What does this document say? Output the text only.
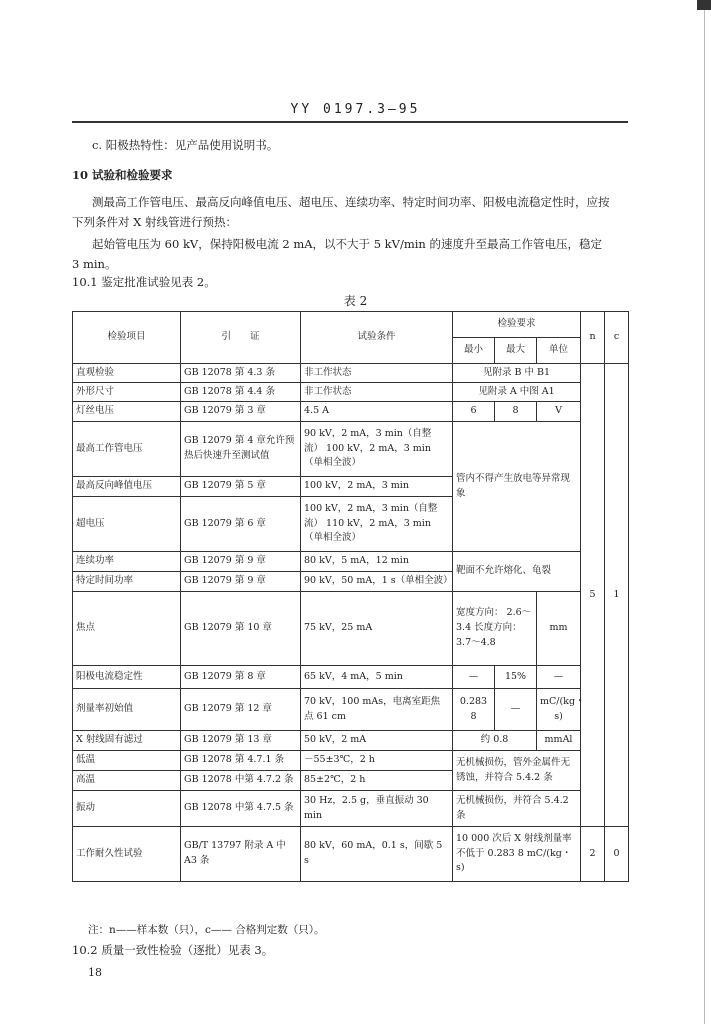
YY 0197.3—95
c. 阳极热特性：见产品使用说明书。
10 试验和检验要求
测最高工作管电压、最高反向峰值电压、超电压、连续功率、特定时间功率、阳极电流稳定性时，应按
下列条件对 X 射线管进行预热：
起始管电压为 60 kV，保持阳极电流 2 mA，以不大于 5 kV/min 的速度升至最高工作管电压，稳定
3 min。
10.1 鉴定批准试验见表 2。
表 2
检验项目	引　　证	试验条件	检验要求			n	c
			最小	最大	单位		
直观检验	GB 12078 第 4.3 条	非工作状态	见附录 B 中 B1			5	1
外形尺寸	GB 12078 第 4.4 条	非工作状态	见附录 A 中图 A1				
灯丝电压	GB 12079 第 3 章	4.5 A	6	8	V		
最高工作管电压	GB 12079 第 4 章允许预热后快速升至测试值	90 kV，2 mA，3 min（自整流） 100 kV，2 mA，3 min（单相全波）	管内不得产生放电等异常现象				
最高反向峰值电压	GB 12079 第 5 章	100 kV，2 mA，3 min					
超电压	GB 12079 第 6 章	100 kV，2 mA，3 min（自整流） 110 kV，2 mA，3 min（单相全波）					
连续功率	GB 12079 第 9 章	80 kV，5 mA，12 min	靶面不允许熔化、龟裂				
特定时间功率	GB 12079 第 9 章	90 kV，50 mA，1 s（单相全波）					
焦点	GB 12079 第 10 章	75 kV，25 mA	宽度方向： 2.6～3.4 长度方向： 3.7～4.8		mm		
阳极电流稳定性	GB 12079 第 8 章	65 kV，4 mA，5 min	—	15%	—		
剂量率初始值	GB 12079 第 12 章	70 kV，100 mAs，电离室距焦点 61 cm	0.283 8	—	mC/(kg・s)		
X 射线固有滤过	GB 12079 第 13 章	50 kV，2 mA	约 0.8		mmAl		
低温	GB 12078 第 4.7.1 条	－55±3℃，2 h	无机械损伤，管外金属件无锈蚀，并符合 5.4.2 条				
高温	GB 12078 中第 4.7.2 条	85±2℃，2 h					
振动	GB 12078 中第 4.7.5 条	30 Hz，2.5 g，垂直振动 30 min	无机械损伤，并符合 5.4.2 条				
工作耐久性试验	GB/T 13797 附录 A 中 A3 条	80 kV，60 mA，0.1 s，间歇 5 s	10 000 次后 X 射线剂量率不低于 0.283 8 mC/(kg・s)			2	0
注：n——样本数（只），c—— 合格判定数（只）。
10.2 质量一致性检验（逐批）见表 3。
18
